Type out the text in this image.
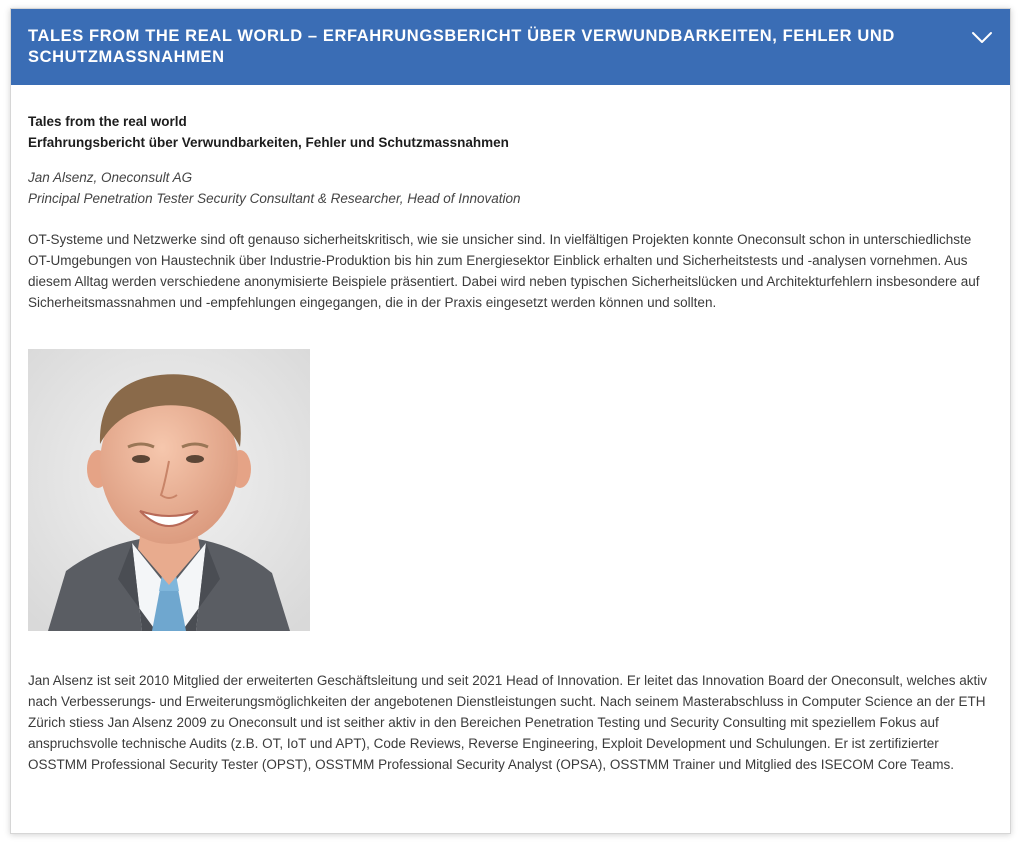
TALES FROM THE REAL WORLD – ERFAHRUNGSBERICHT ÜBER VERWUNDBARKEITEN, FEHLER UND SCHUTZMASSNAHMEN

Tales from the real world
Erfahrungsbericht über Verwundbarkeiten, Fehler und Schutzmassnahmen

Jan Alsenz, Oneconsult AG
Principal Penetration Tester Security Consultant & Researcher, Head of Innovation

OT-Systeme und Netzwerke sind oft genauso sicherheitskritisch, wie sie unsicher sind. In vielfältigen Projekten konnte Oneconsult schon in unterschiedlichste OT-Umgebungen von Haustechnik über Industrie-Produktion bis hin zum Energiesektor Einblick erhalten und Sicherheitstests und -analysen vornehmen. Aus diesem Alltag werden verschiedene anonymisierte Beispiele präsentiert. Dabei wird neben typischen Sicherheitslücken und Architekturfehlern insbesondere auf Sicherheitsmassnahmen und -empfehlungen eingegangen, die in der Praxis eingesetzt werden können und sollten.

Jan Alsenz ist seit 2010 Mitglied der erweiterten Geschäftsleitung und seit 2021 Head of Innovation. Er leitet das Innovation Board der Oneconsult, welches aktiv nach Verbesserungs- und Erweiterungsmöglichkeiten der angebotenen Dienstleistungen sucht. Nach seinem Masterabschluss in Computer Science an der ETH Zürich stiess Jan Alsenz 2009 zu Oneconsult und ist seither aktiv in den Bereichen Penetration Testing und Security Consulting mit speziellem Fokus auf anspruchsvolle technische Audits (z.B. OT, IoT und APT), Code Reviews, Reverse Engineering, Exploit Development und Schulungen. Er ist zertifizierter OSSTMM Professional Security Tester (OPST), OSSTMM Professional Security Analyst (OPSA), OSSTMM Trainer und Mitglied des ISECOM Core Teams.
